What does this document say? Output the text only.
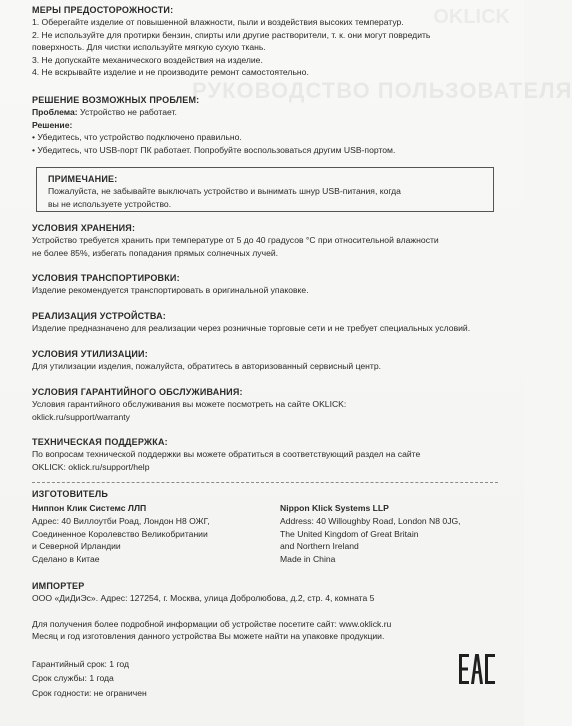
OKLICK
РУКОВОДСТВО ПОЛЬЗОВАТЕЛЯ

МЕРЫ ПРЕДОСТОРОЖНОСТИ:

1. Оберегайте изделие от повышенной влажности, пыли и воздействия высоких температур.

2. Не используйте для протирки бензин, спирты или другие растворители, т. к. они могут повредить

поверхность. Для чистки используйте мягкую сухую ткань.

3. Не допускайте механического воздействия на изделие.

4. Не вскрывайте изделие и не производите ремонт самостоятельно.

РЕШЕНИЕ ВОЗМОЖНЫХ ПРОБЛЕМ:

Проблема: Устройство не работает.

Решение:

• Убедитесь, что устройство подключено правильно.

• Убедитесь, что USB-порт ПК работает. Попробуйте воспользоваться другим USB-портом.

ПРИМЕЧАНИЕ:

Пожалуйста, не забывайте выключать устройство и вынимать шнур USB-питания, когда

вы не используете устройство.

УСЛОВИЯ ХРАНЕНИЯ:

Устройство требуется хранить при температуре от 5 до 40 градусов °С при относительной влажности

не более 85%, избегать попадания прямых солнечных лучей.

УСЛОВИЯ ТРАНСПОРТИРОВКИ:

Изделие рекомендуется транспортировать в оригинальной упаковке.

РЕАЛИЗАЦИЯ УСТРОЙСТВА:

Изделие предназначено для реализации через розничные торговые сети и не требует специальных условий.

УСЛОВИЯ УТИЛИЗАЦИИ:

Для утилизации изделия, пожалуйста, обратитесь в авторизованный сервисный центр.

УСЛОВИЯ ГАРАНТИЙНОГО ОБСЛУЖИВАНИЯ:

Условия гарантийного обслуживания вы можете посмотреть на сайте OKLICK:

oklick.ru/support/warranty

ТЕХНИЧЕСКАЯ ПОДДЕРЖКА:

По вопросам технической поддержки вы можете обратиться в соответствующий раздел на сайте

OKLICK: oklick.ru/support/help

ИЗГОТОВИТЕЛЬ

Ниппон Клик Системс ЛЛП

Адрес: 40 Виллоутби Роад, Лондон Н8 ОЖГ,

Соединенное Королевство Великобритании

и Северной Ирландии

Сделано в Китае

Nippon Klick Systems LLP

Address: 40 Willoughby Road, London N8 0JG,

The United Kingdom of Great Britain

and Northern Ireland

Made in China

ИМПОРТЕР

ООО «ДиДиЭс». Адрес: 127254, г. Москва, улица Добролюбова, д.2, стр. 4, комната 5

Для получения более подробной информации об устройстве посетите сайт: www.oklick.ru

Месяц и год изготовления данного устройства Вы можете найти на упаковке продукции.

Гарантийный срок: 1 год

Срок службы: 1 года

Срок годности: не ограничен
